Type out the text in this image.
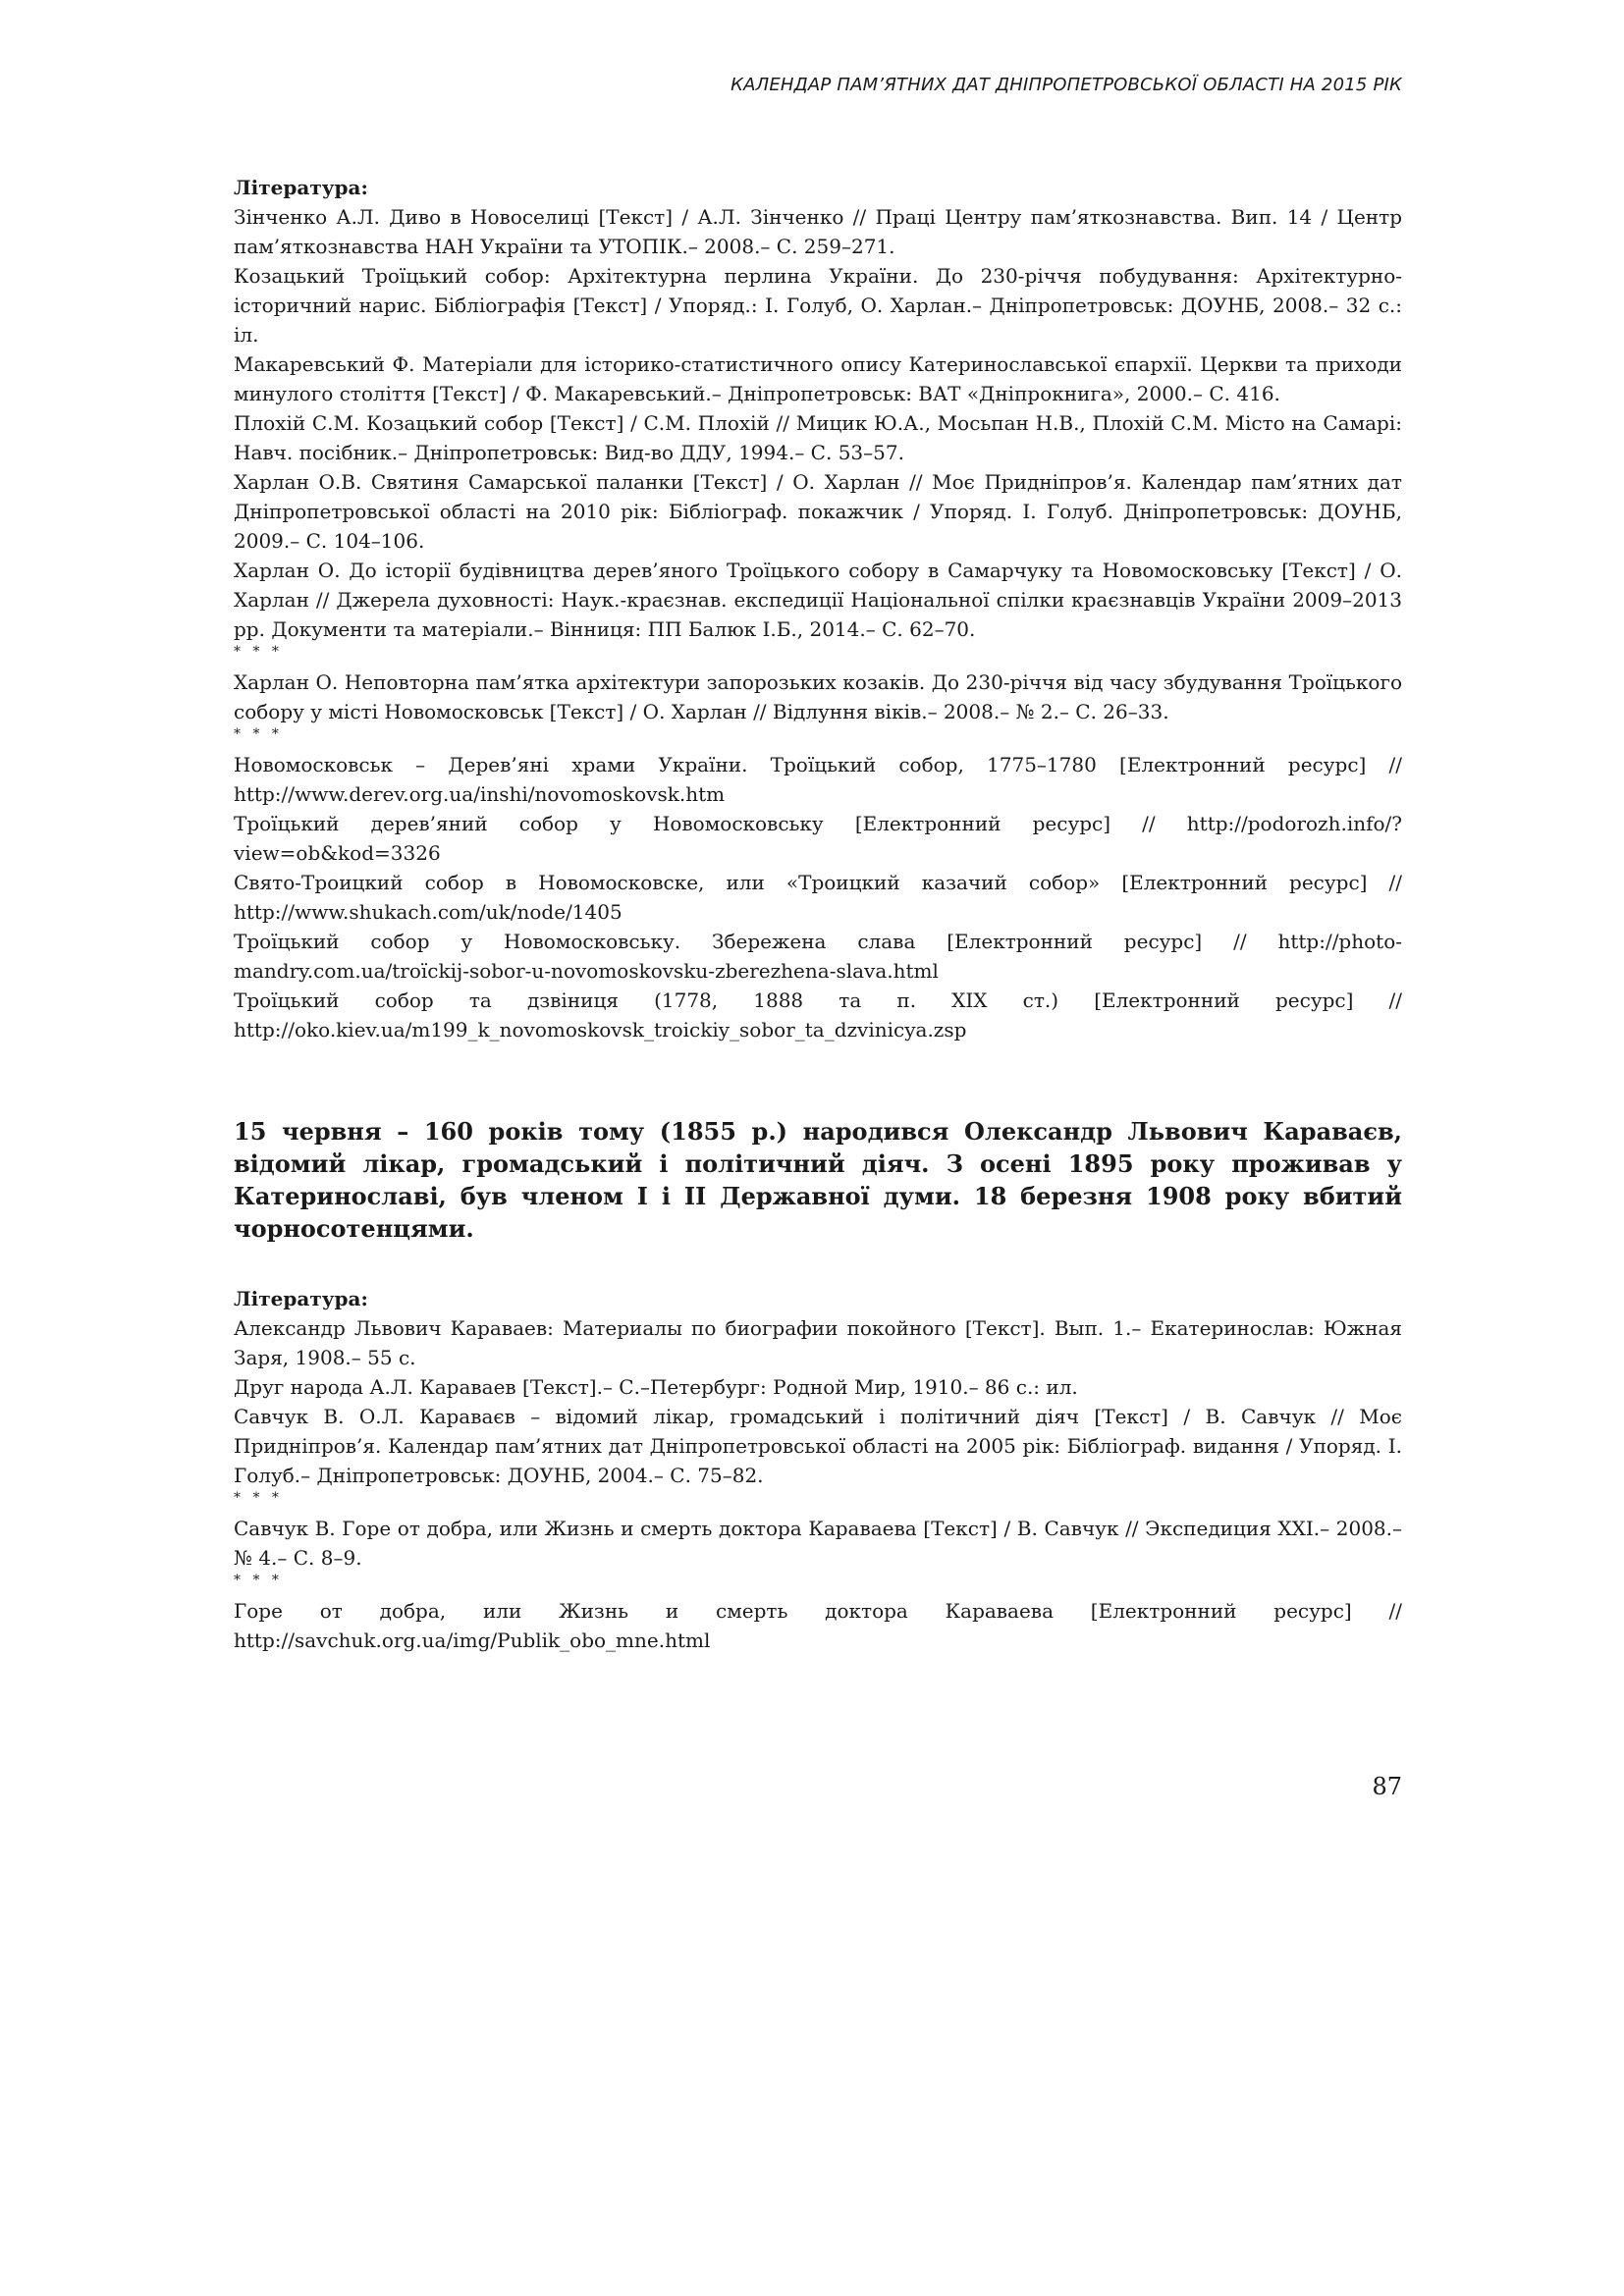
КАЛЕНДАР ПАМ’ЯТНИХ ДАТ ДНІПРОПЕТРОВСЬКОЇ ОБЛАСТІ НА 2015 РІК

Література:

Зінченко А.Л. Диво в Новоселиці [Текст] / А.Л. Зінченко // Праці Центру пам’яткознавства. Вип. 14 / Центр пам’яткознавства НАН України та УТОПІК.– 2008.– С. 259–271.

Козацький Троїцький собор: Архітектурна перлина України. До 230-річчя побудування: Архітектурно-історичний нарис. Бібліографія [Текст] / Упоряд.: І. Голуб, О. Харлан.– Дніпропетровськ: ДОУНБ, 2008.– 32 с.: іл.

Макаревський Ф. Матеріали для історико-статистичного опису Катеринославської єпархії. Церкви та приходи минулого століття [Текст] / Ф. Макаревський.– Дніпропетровськ: ВАТ «Дніпрокнига», 2000.– С. 416.

Плохій С.М. Козацький собор [Текст] / С.М. Плохій // Мицик Ю.А., Мосьпан Н.В., Плохій С.М. Місто на Самарі: Навч. посібник.– Дніпропетровськ: Вид-во ДДУ, 1994.– С. 53–57.

Харлан О.В. Святиня Самарської паланки [Текст] / О. Харлан // Моє Придніпров’я. Календар пам’ятних дат Дніпропетровської області на 2010 рік: Бібліограф. покажчик / Упоряд. І. Голуб. Дніпропетровськ: ДОУНБ, 2009.– С. 104–106.

Харлан О. До історії будівництва дерев’яного Троїцького собору в Самарчуку та Новомосковську [Текст] / О. Харлан // Джерела духовності: Наук.-краєзнав. експедиції Національної спілки краєзнавців України 2009–2013 рр. Документи та матеріали.– Вінниця: ПП Балюк І.Б., 2014.– С. 62–70.

* * *

Харлан О. Неповторна пам’ятка архітектури запорозьких козаків. До 230-річчя від часу збудування Троїцького собору у місті Новомосковськ [Текст] / О. Харлан // Відлуння віків.– 2008.– № 2.– С. 26–33.

* * *

Новомосковськ – Дерев’яні храми України. Троїцький собор, 1775–1780 [Електронний ресурс] // http://www.derev.org.ua/inshi/novomoskovsk.htm

Троїцький дерев’яний собор у Новомосковську [Електронний ресурс] // http://podorozh.info/?view=ob&kod=3326

Свято-Троицкий собор в Новомосковске, или «Троицкий казачий собор» [Електронний ресурс] // http://www.shukach.com/uk/node/1405

Троїцький собор у Новомосковську. Збережена слава [Електронний ресурс] // http://photo-mandry.com.ua/troїckij-sobor-u-novomoskovsku-zberezhena-slava.html

Троїцький собор та дзвіниця (1778, 1888 та п. XIX ст.) [Електронний ресурс] // http://oko.kiev.ua/m199_k_novomoskovsk_troickiy_sobor_ta_dzvinicya.zsp

15 червня – 160 років тому (1855 р.) народився Олександр Львович Караваєв, відомий лікар, громадський і політичний діяч. З осені 1895 року проживав у Катеринославі, був членом І і ІІ Державної думи. 18 березня 1908 року вбитий чорносотенцями.

Література:

Александр Львович Караваев: Материалы по биографии покойного [Текст]. Вып. 1.– Екатеринослав: Южная Заря, 1908.– 55 с.

Друг народа А.Л. Караваев [Текст].– С.–Петербург: Родной Мир, 1910.– 86 с.: ил.

Савчук В. О.Л. Караваєв – відомий лікар, громадський і політичний діяч [Текст] / В. Савчук // Моє Придніпров’я. Календар пам’ятних дат Дніпропетровської області на 2005 рік: Бібліограф. видання / Упоряд. І. Голуб.– Дніпропетровськ: ДОУНБ, 2004.– С. 75–82.

* * *

Савчук В. Горе от добра, или Жизнь и смерть доктора Караваева [Текст] / В. Савчук // Экспедиция XXI.– 2008.– № 4.– С. 8–9.

* * *

Горе от добра, или Жизнь и смерть доктора Караваева [Електронний ресурс] // http://savchuk.org.ua/img/Publik_obo_mne.html

87
